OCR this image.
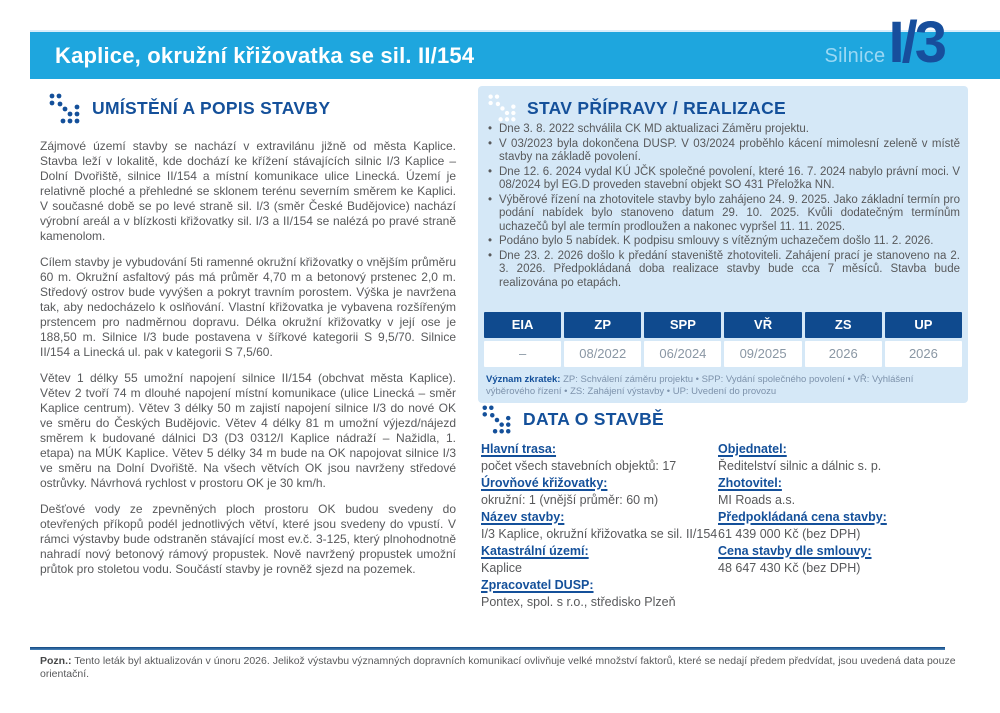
Kaplice, okružní křižovatka se sil. II/154	Silnice I/3
UMÍSTĚNÍ A POPIS STAVBY

Zájmové území stavby se nachází v extravilánu jižně od města Kaplice. Stavba leží v lokalitě, kde dochází ke křížení stávajících silnic I/3 Kaplice – Dolní Dvořiště, silnice II/154 a místní komunikace ulice Linecká. Území je relativně ploché a přehledné se sklonem terénu severním směrem ke Kaplici. V současné době se po levé straně sil. I/3 (směr České Budějovice) nachází výrobní areál a v blízkosti křižovatky sil. I/3 a II/154 se nalézá po pravé straně kamenolom.

Cílem stavby je vybudování 5ti ramenné okružní křižovatky o vnějším průměru 60 m. Okružní asfaltový pás má průměr 4,70 m a betonový prstenec 2,0 m. Středový ostrov bude vyvýšen a pokryt travním porostem. Výška je navržena tak, aby nedocházelo k oslňování. Vlastní křižovatka je vybavena rozšířeným prstencem pro nadměrnou dopravu. Délka okružní křižovatky v její ose je 188,50 m. Silnice I/3 bude postavena v šířkové kategorii S 9,5/70. Silnice II/154 a Linecká ul. pak v kategorii S 7,5/60.

Větev 1 délky 55 umožní napojení silnice II/154 (obchvat města Kaplice). Větev 2 tvoří 74 m dlouhé napojení místní komunikace (ulice Linecká – směr Kaplice centrum). Větev 3 délky 50 m zajistí napojení silnice I/3 do nové OK ve směru do Českých Budějovic. Větev 4 délky 81 m umožní výjezd/nájezd směrem k budované dálnici D3 (D3 0312/I Kaplice nádraží – Nažidla, 1. etapa) na MÚK Kaplice. Větev 5 délky 34 m bude na OK napojovat silnice I/3 ve směru na Dolní Dvořiště. Na všech větvích OK jsou navrženy středové ostrůvky. Návrhová rychlost v prostoru OK je 30 km/h.

Dešťové vody ze zpevněných ploch prostoru OK budou svedeny do otevřených příkopů podél jednotlivých větví, které jsou svedeny do vpustí. V rámci výstavby bude odstraněn stávající most ev.č. 3-125, který plnohodnotně nahradí nový betonový rámový propustek. Nově navržený propustek umožní průtok pro stoletou vodu. Součástí stavby je rovněž sjezd na pozemek.

STAV PŘÍPRAVY / REALIZACE
• Dne 3. 8. 2022 schválila CK MD aktualizaci Záměru projektu.
• V 03/2023 byla dokončena DUSP. V 03/2024 proběhlo kácení mimolesní zeleně v místě stavby na základě povolení.
• Dne 12. 6. 2024 vydal KÚ JČK společné povolení, které 16. 7. 2024 nabylo právní moci. V 08/2024 byl EG.D proveden stavební objekt SO 431 Přeložka NN.
• Výběrové řízení na zhotovitele stavby bylo zahájeno 24. 9. 2025. Jako základní termín pro podání nabídek bylo stanoveno datum 29. 10. 2025. Kvůli dodatečným termínům uchazečů byl ale termín prodloužen a nakonec vypršel 11. 11. 2025.
• Podáno bylo 5 nabídek. K podpisu smlouvy s vítězným uchazečem došlo 11. 2. 2026.
• Dne 23. 2. 2026 došlo k předání staveniště zhotoviteli. Zahájení prací je stanoveno na 2. 3. 2026. Předpokládaná doba realizace stavby bude cca 7 měsíců. Stavba bude realizována po etapách.
EIA	ZP	SPP	VŘ	ZS	UP
–	08/2022	06/2024	09/2025	2026	2026
Význam zkratek: ZP: Schválení záměru projektu • SPP: Vydání společného povolení • VŘ: Vyhlášení výběrového řízení • ZS: Zahájení výstavby • UP: Uvedení do provozu
DATA O STAVBĚ
Hlavní trasa:
počet všech stavebních objektů: 17
Úrovňové křižovatky:
okružní: 1 (vnější průměr: 60 m)
Název stavby:
I/3 Kaplice, okružní křižovatka se sil. II/154
Katastrální území:
Kaplice
Zpracovatel DUSP:
Pontex, spol. s r.o., středisko Plzeň
Objednatel:
Ředitelství silnic a dálnic s. p.
Zhotovitel:
MI Roads a.s.
Předpokládaná cena stavby:
61 439 000 Kč (bez DPH)
Cena stavby dle smlouvy:
48 647 430 Kč (bez DPH)
Pozn.: Tento leták byl aktualizován v únoru 2026. Jelikož výstavbu významných dopravních komunikací ovlivňuje velké množství faktorů, které se nedají předem předvídat, jsou uvedená data pouze orientační.
